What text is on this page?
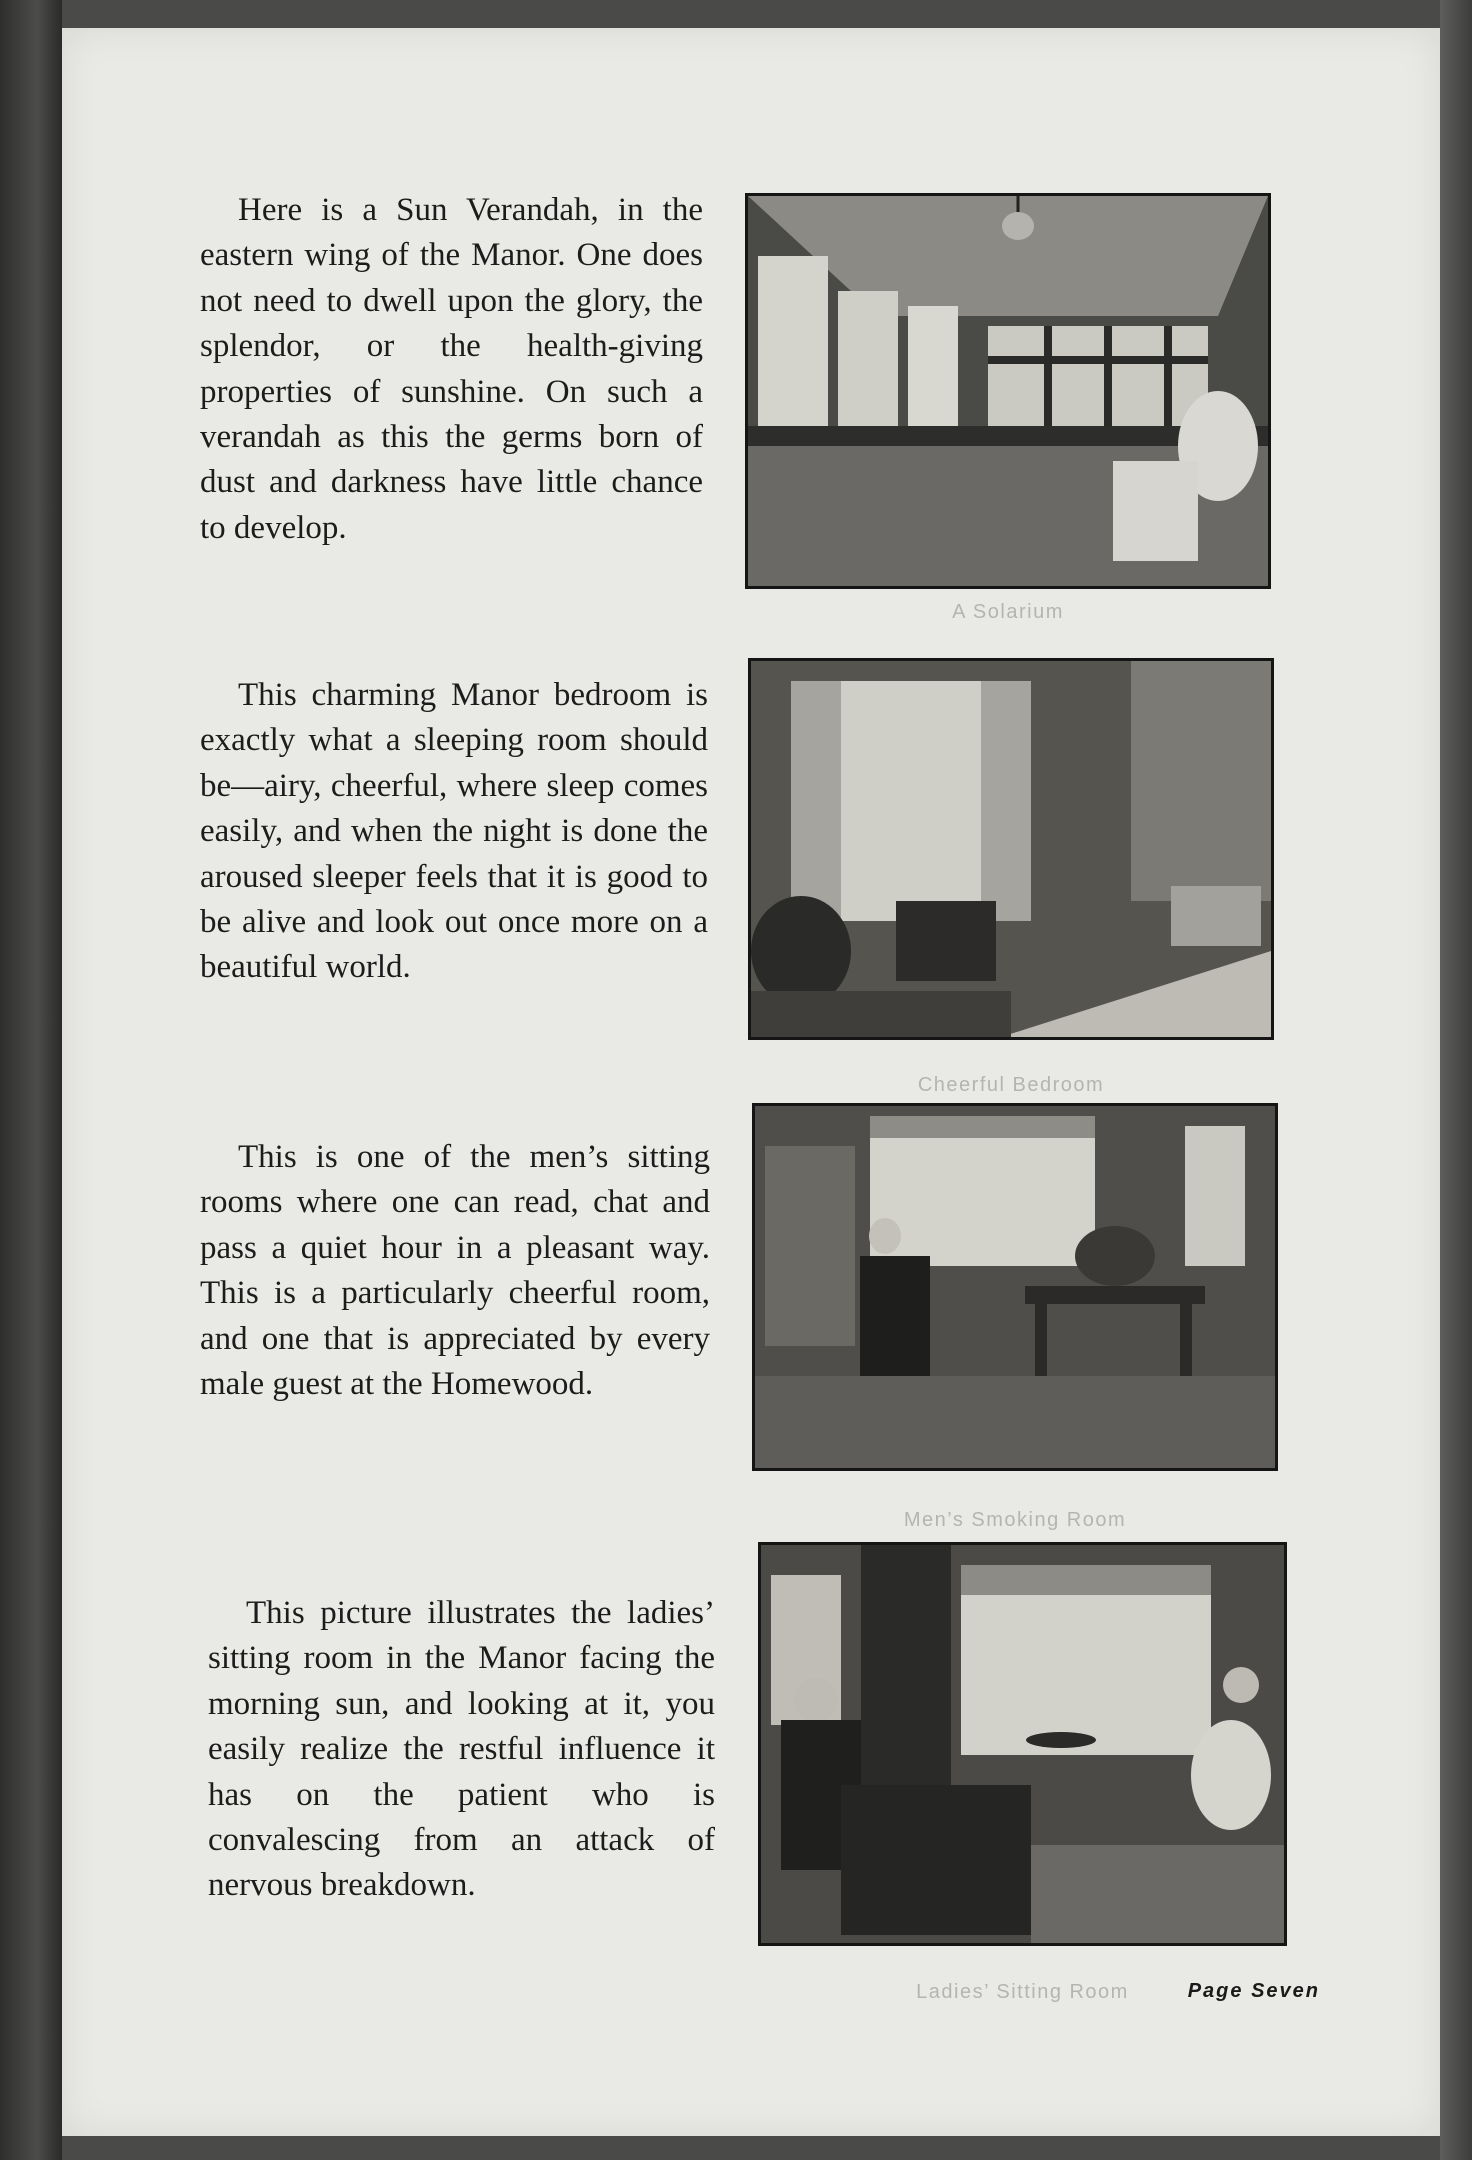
Here is a Sun Verandah, in the eastern wing of the Manor. One does not need to dwell upon the glory, the splendor, or the health-giving properties of sunshine. On such a verandah as this the germs born of dust and darkness have little chance to develop.

A Solarium

This charming Manor bedroom is exactly what a sleeping room should be—airy, cheerful, where sleep comes easily, and when the night is done the aroused sleeper feels that it is good to be alive and look out once more on a beautiful world.

Cheerful Bedroom

This is one of the men’s sitting rooms where one can read, chat and pass a quiet hour in a pleasant way. This is a particularly cheerful room, and one that is appreciated by every male guest at the Homewood.

Men’s Smoking Room

This picture illustrates the ladies’ sitting room in the Manor facing the morning sun, and looking at it, you easily realize the restful influence it has on the patient who is convalescing from an attack of nervous breakdown.

Ladies’ Sitting Room	Page Seven
